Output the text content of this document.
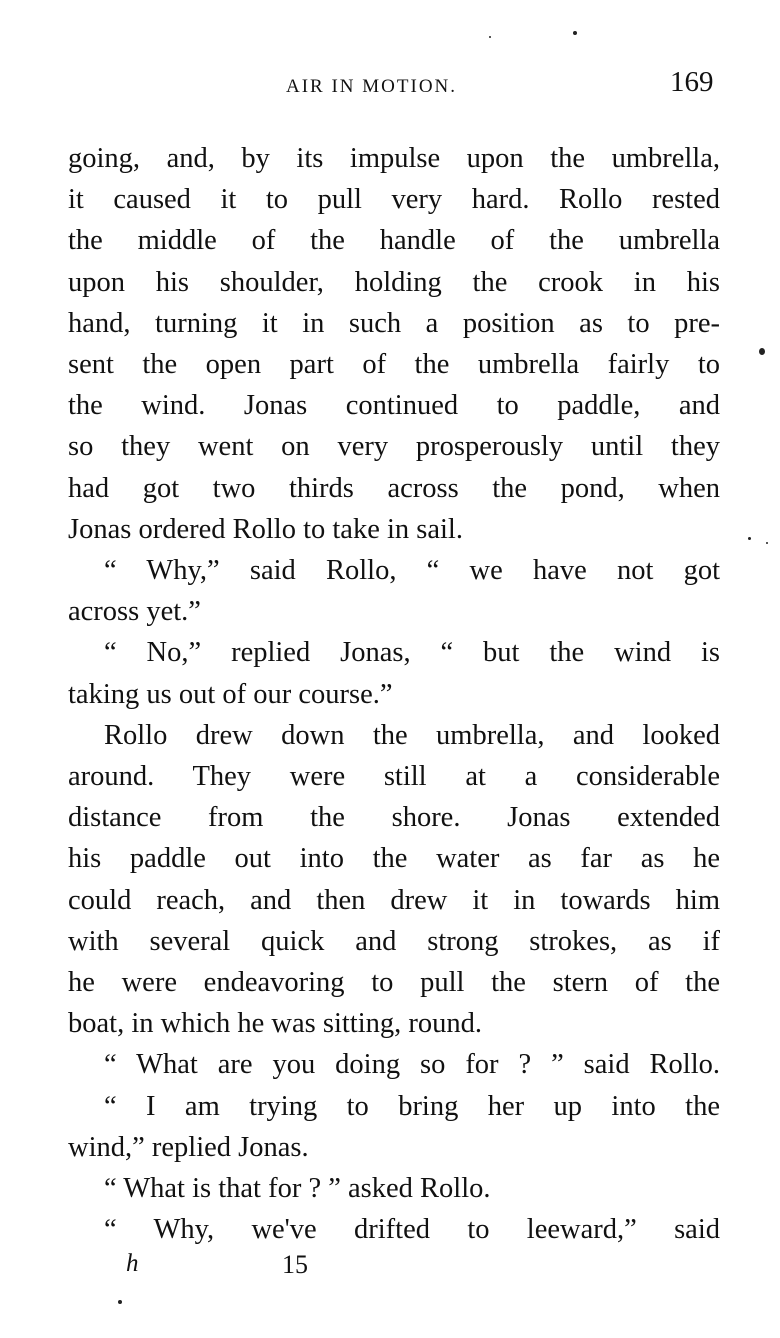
AIR IN MOTION.	169
going, and, by its impulse upon the umbrella,
it caused it to pull very hard. Rollo rested
the middle of the handle of the umbrella
upon his shoulder, holding the crook in his
hand, turning it in such a position as to pre-
sent the open part of the umbrella fairly to
the wind. Jonas continued to paddle, and
so they went on very prosperously until they
had got two thirds across the pond, when
Jonas ordered Rollo to take in sail.
“ Why,” said Rollo, “ we have not got
across yet.”
“ No,” replied Jonas, “ but the wind is
taking us out of our course.”
Rollo drew down the umbrella, and looked
around. They were still at a considerable
distance from the shore. Jonas extended
his paddle out into the water as far as he
could reach, and then drew it in towards him
with several quick and strong strokes, as if
he were endeavoring to pull the stern of the
boat, in which he was sitting, round.
“ What are you doing so for ? ” said Rollo.
“ I am trying to bring her up into the
wind,” replied Jonas.
“ What is that for ? ” asked Rollo.
“ Why, we've drifted to leeward,” said
h	15
